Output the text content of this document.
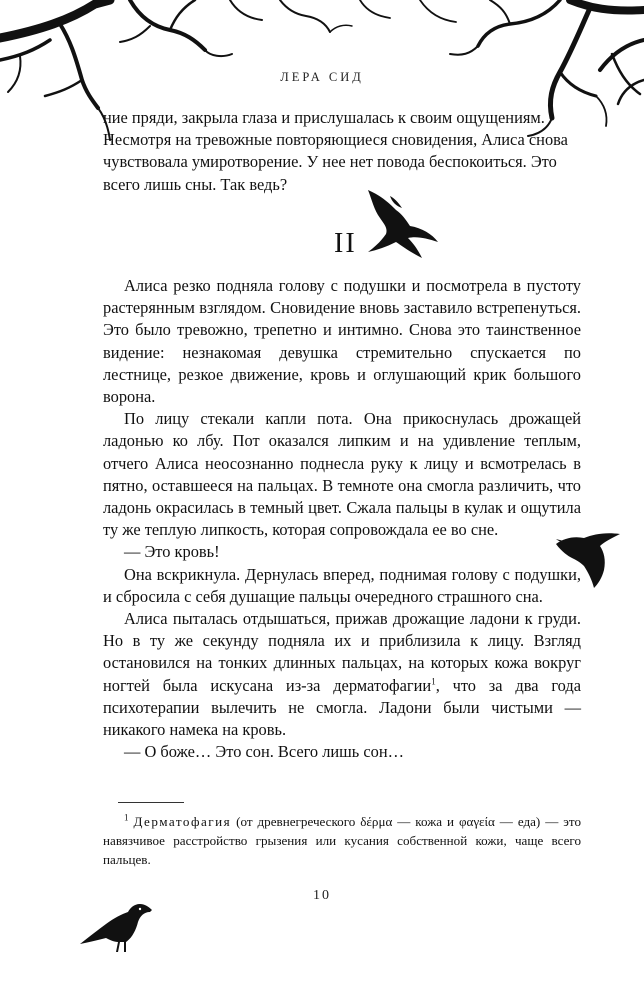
ЛЕРА СИД

ние пряди, закрыла глаза и прислушалась к своим ощущениям. Несмотря на тревожные повторяющиеся сновидения, Алиса снова чувствовала умиротворение. У нее нет повода беспокоиться. Это всего лишь сны. Так ведь?

II

Алиса резко подняла голову с подушки и посмотрела в пустоту растерянным взглядом. Сновидение вновь заставило встрепенуться. Это было тревожно, трепетно и интимно. Снова это таинственное видение: незнакомая девушка стремительно спускается по лестнице, резкое движение, кровь и оглушающий крик большого ворона.

По лицу стекали капли пота. Она прикоснулась дрожащей ладонью ко лбу. Пот оказался липким и на удивление теплым, отчего Алиса неосознанно поднесла руку к лицу и всмотрелась в пятно, оставшееся на пальцах. В темноте она смогла различить, что ладонь окрасилась в темный цвет. Сжала пальцы в кулак и ощутила ту же теплую липкость, которая сопровождала ее во сне.

— Это кровь!

Она вскрикнула. Дернулась вперед, поднимая голову с подушки, и сбросила с себя душащие пальцы очередного страшного сна.

Алиса пыталась отдышаться, прижав дрожащие ладони к груди. Но в ту же секунду подняла их и приблизила к лицу. Взгляд остановился на тонких длинных пальцах, на которых кожа вокруг ногтей была искусана из-за дерматофагии$^1$, что за два года психотерапии вылечить не смогла. Ладони были чистыми — никакого намека на кровь.

— О боже… Это сон. Всего лишь сон…

$^1$ Дерматофагия (от древнегреческого δέρμα — кожа и φαγεία — еда) — это навязчивое расстройство грызения или кусания собственной кожи, чаще всего пальцев.

10
